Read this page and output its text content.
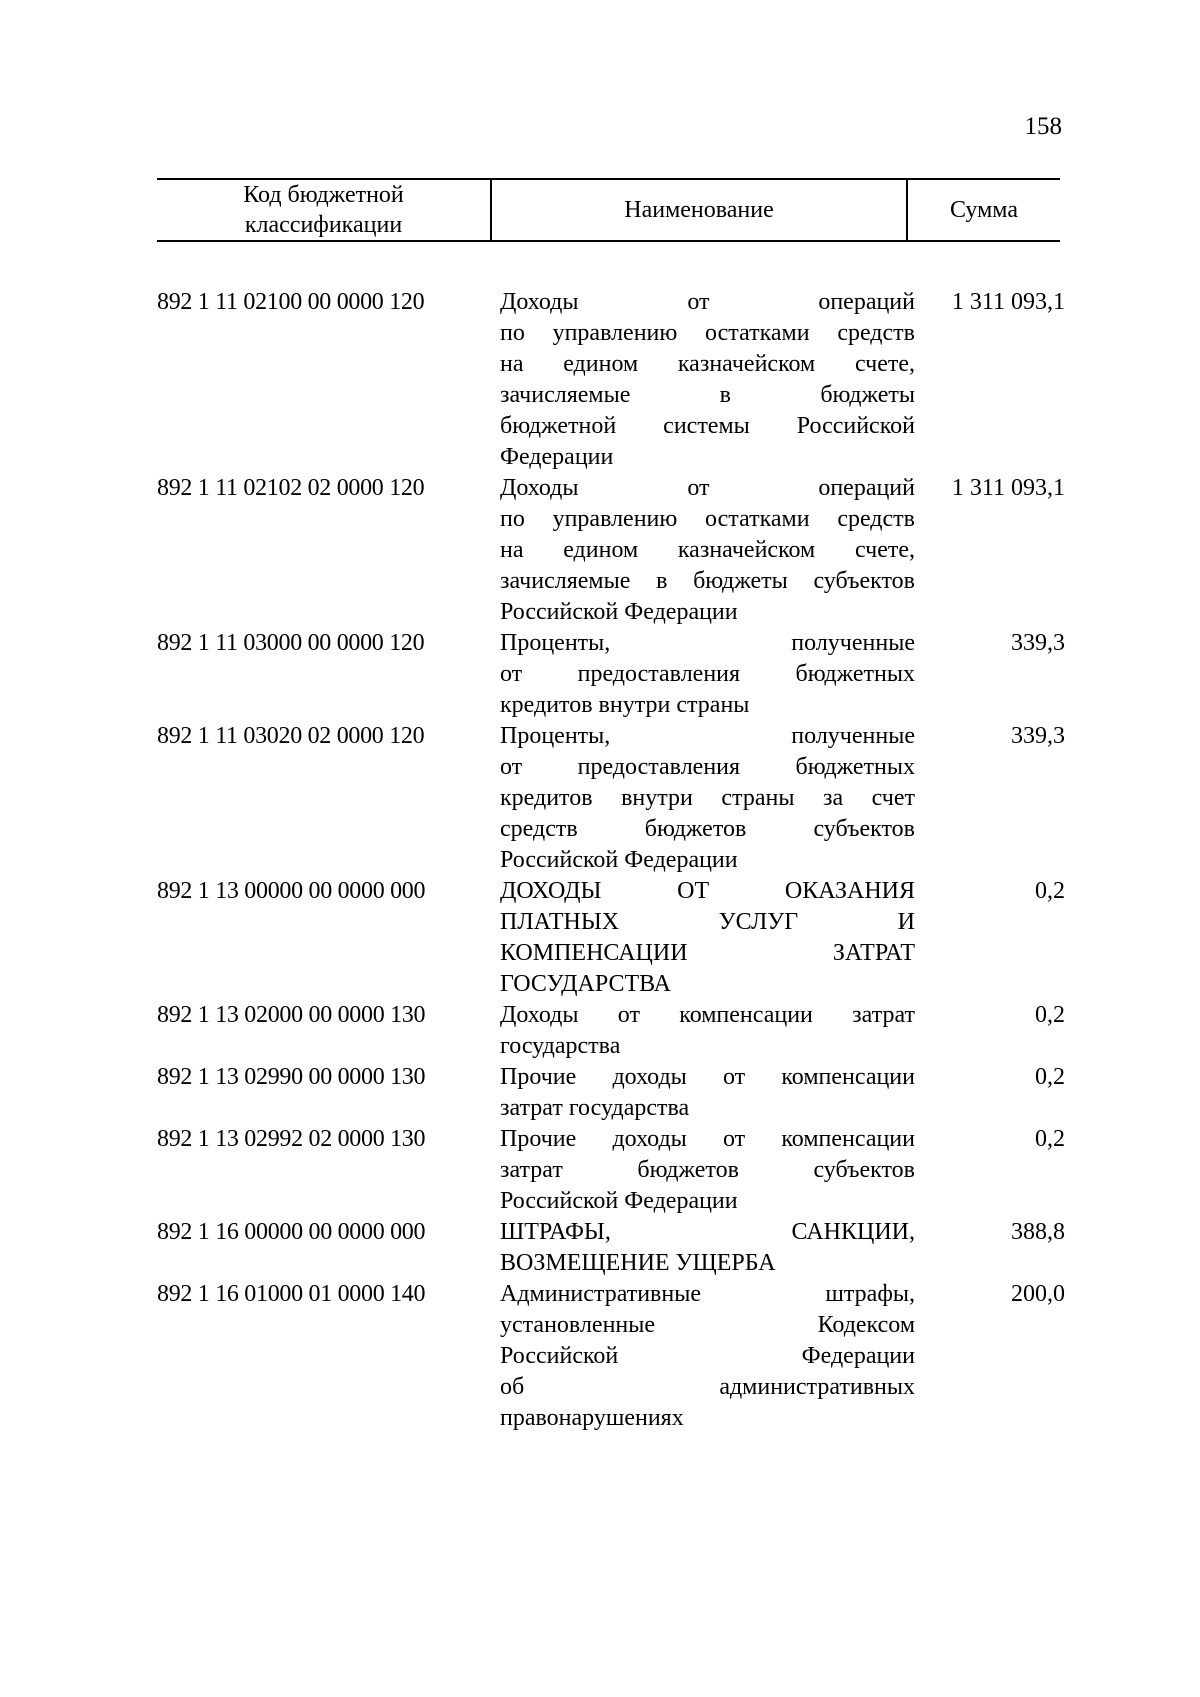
158
Код бюджетной
классификации
Наименование	Сумма
892 1 11 02100 00 0000 120	Доходы от операций
по управлению остатками средств
на едином казначейском счете,
зачисляемые в бюджеты
бюджетной системы Российской
Федерации
1 311 093,1
892 1 11 02102 02 0000 120	Доходы от операций
по управлению остатками средств
на едином казначейском счете,
зачисляемые в бюджеты субъектов
Российской Федерации
1 311 093,1
892 1 11 03000 00 0000 120	Проценты, полученные
от предоставления бюджетных
кредитов внутри страны
339,3
892 1 11 03020 02 0000 120	Проценты, полученные
от предоставления бюджетных
кредитов внутри страны за счет
средств бюджетов субъектов
Российской Федерации
339,3
892 1 13 00000 00 0000 000	ДОХОДЫ ОТ ОКАЗАНИЯ
ПЛАТНЫХ УСЛУГ И
КОМПЕНСАЦИИ ЗАТРАТ
ГОСУДАРСТВА
0,2
892 1 13 02000 00 0000 130	Доходы от компенсации затрат
государства
0,2
892 1 13 02990 00 0000 130	Прочие доходы от компенсации
затрат государства
0,2
892 1 13 02992 02 0000 130	Прочие доходы от компенсации
затрат бюджетов субъектов
Российской Федерации
0,2
892 1 16 00000 00 0000 000	ШТРАФЫ, САНКЦИИ,
ВОЗМЕЩЕНИЕ УЩЕРБА
388,8
892 1 16 01000 01 0000 140	Административные штрафы,
установленные Кодексом
Российской Федерации
об административных
правонарушениях
200,0
